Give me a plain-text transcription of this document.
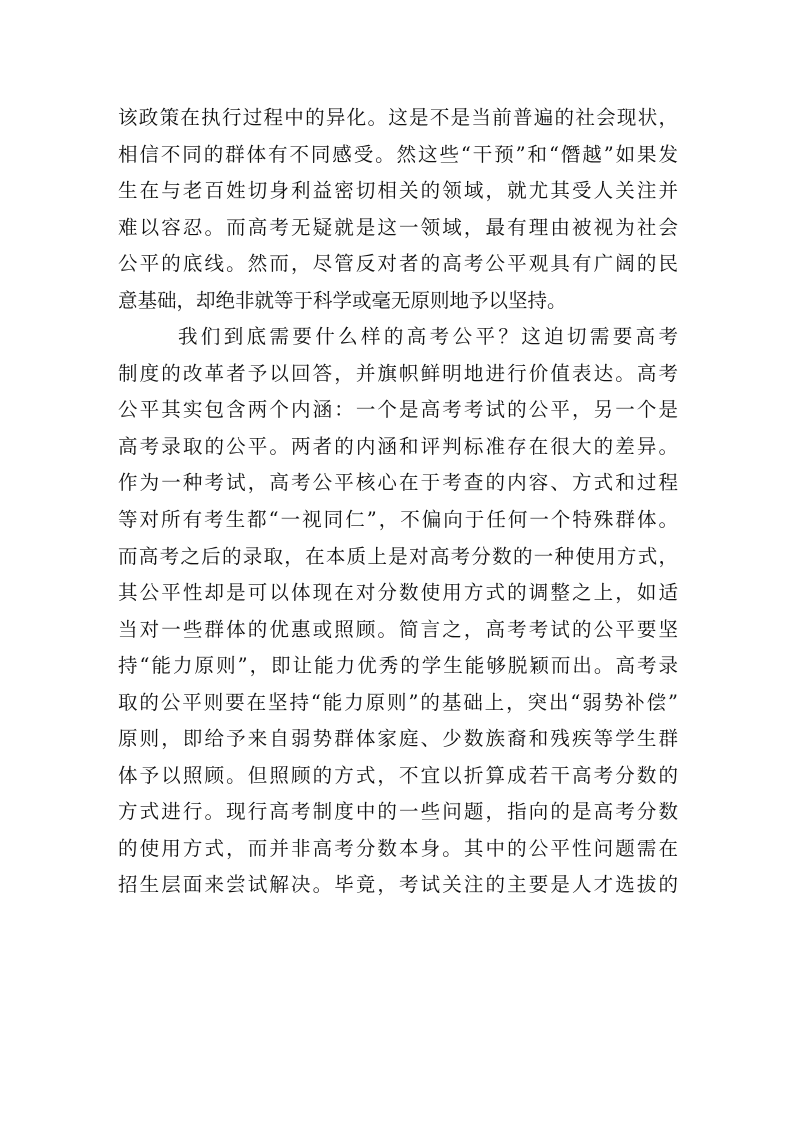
该政策在执行过程中的异化。这是不是当前普遍的社会现状，
相信不同的群体有不同感受。然这些“干预”和“僭越”如果发
生在与老百姓切身利益密切相关的领域，就尤其受人关注并
难以容忍。而高考无疑就是这一领域，最有理由被视为社会
公平的底线。然而，尽管反对者的高考公平观具有广阔的民
意基础，却绝非就等于科学或毫无原则地予以坚持。
我们到底需要什么样的高考公平？这迫切需要高考
制度的改革者予以回答，并旗帜鲜明地进行价值表达。高考
公平其实包含两个内涵：一个是高考考试的公平，另一个是
高考录取的公平。两者的内涵和评判标准存在很大的差异。
作为一种考试，高考公平核心在于考查的内容、方式和过程
等对所有考生都“一视同仁”，不偏向于任何一个特殊群体。
而高考之后的录取，在本质上是对高考分数的一种使用方式，
其公平性却是可以体现在对分数使用方式的调整之上，如适
当对一些群体的优惠或照顾。简言之，高考考试的公平要坚
持“能力原则”，即让能力优秀的学生能够脱颖而出。高考录
取的公平则要在坚持“能力原则”的基础上，突出“弱势补偿”
原则，即给予来自弱势群体家庭、少数族裔和残疾等学生群
体予以照顾。但照顾的方式，不宜以折算成若干高考分数的
方式进行。现行高考制度中的一些问题，指向的是高考分数
的使用方式，而并非高考分数本身。其中的公平性问题需在
招生层面来尝试解决。毕竟，考试关注的主要是人才选拔的
